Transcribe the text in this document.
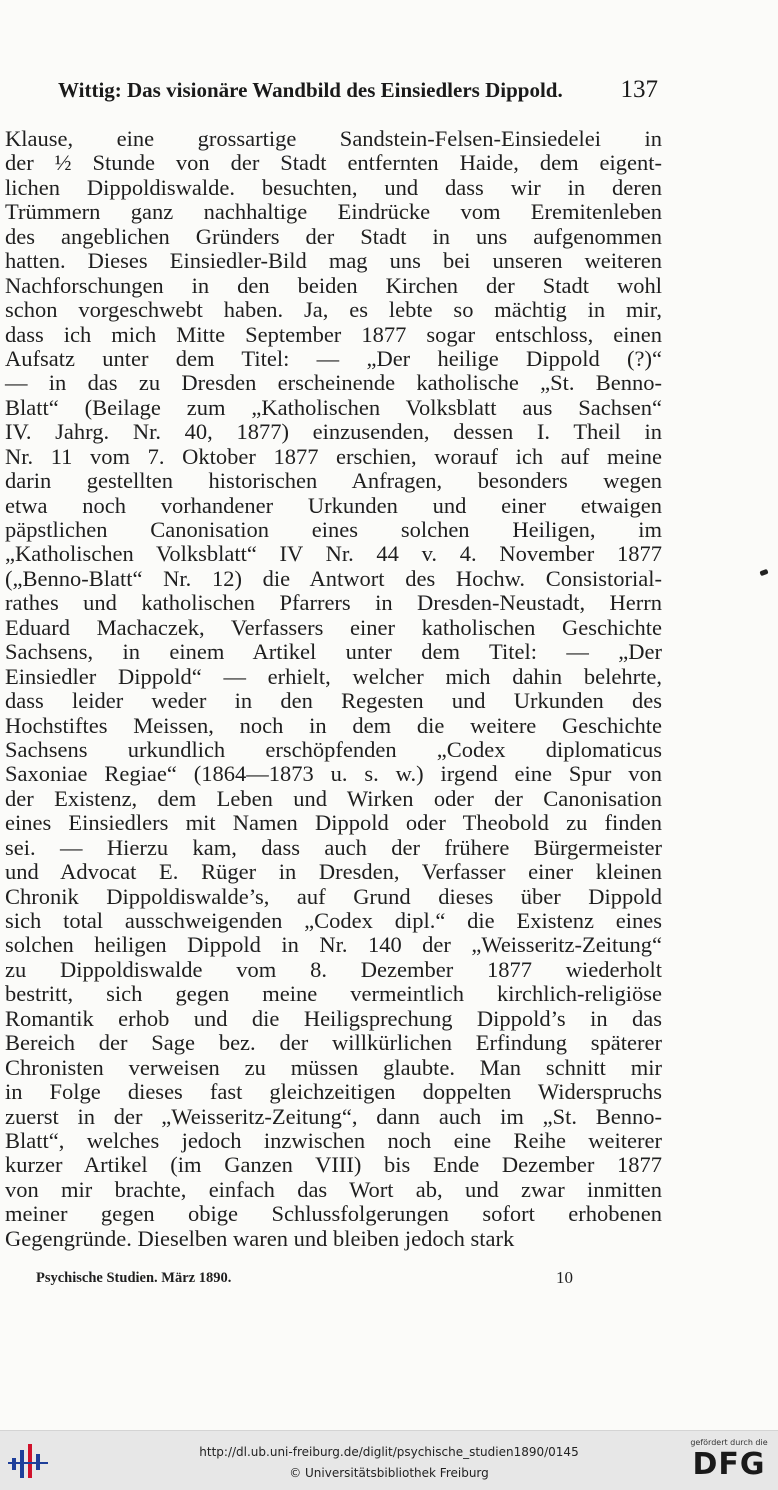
Wittig: Das visionäre Wandbild des Einsiedlers Dippold. 137
Klause, eine grossartige Sandstein-Felsen-Einsiedelei in
der ½ Stunde von der Stadt entfernten Haide, dem eigent-
lichen Dippoldiswalde. besuchten, und dass wir in deren
Trümmern ganz nachhaltige Eindrücke vom Eremitenleben
des angeblichen Gründers der Stadt in uns aufgenommen
hatten. Dieses Einsiedler-Bild mag uns bei unseren weiteren
Nachforschungen in den beiden Kirchen der Stadt wohl
schon vorgeschwebt haben. Ja, es lebte so mächtig in mir,
dass ich mich Mitte September 1877 sogar entschloss, einen
Aufsatz unter dem Titel: — „Der heilige Dippold (?)“
— in das zu Dresden erscheinende katholische „St. Benno-
Blatt“ (Beilage zum „Katholischen Volksblatt aus Sachsen“
IV. Jahrg. Nr. 40, 1877) einzusenden, dessen I. Theil in
Nr. 11 vom 7. Oktober 1877 erschien, worauf ich auf meine
darin gestellten historischen Anfragen, besonders wegen
etwa noch vorhandener Urkunden und einer etwaigen
päpstlichen Canonisation eines solchen Heiligen, im
„Katholischen Volksblatt“ IV Nr. 44 v. 4. November 1877
(„Benno-Blatt“ Nr. 12) die Antwort des Hochw. Consistorial-
rathes und katholischen Pfarrers in Dresden-Neustadt, Herrn
Eduard Machaczek, Verfassers einer katholischen Geschichte
Sachsens, in einem Artikel unter dem Titel: — „Der
Einsiedler Dippold“ — erhielt, welcher mich dahin belehrte,
dass leider weder in den Regesten und Urkunden des
Hochstiftes Meissen, noch in dem die weitere Geschichte
Sachsens urkundlich erschöpfenden „Codex diplomaticus
Saxoniae Regiae“ (1864—1873 u. s. w.) irgend eine Spur von
der Existenz, dem Leben und Wirken oder der Canonisation
eines Einsiedlers mit Namen Dippold oder Theobold zu finden
sei. — Hierzu kam, dass auch der frühere Bürgermeister
und Advocat E. Rüger in Dresden, Verfasser einer kleinen
Chronik Dippoldiswalde’s, auf Grund dieses über Dippold
sich total ausschweigenden „Codex dipl.“ die Existenz eines
solchen heiligen Dippold in Nr. 140 der „Weisseritz-Zeitung“
zu Dippoldiswalde vom 8. Dezember 1877 wiederholt
bestritt, sich gegen meine vermeintlich kirchlich-religiöse
Romantik erhob und die Heiligsprechung Dippold’s in das
Bereich der Sage bez. der willkürlichen Erfindung späterer
Chronisten verweisen zu müssen glaubte. Man schnitt mir
in Folge dieses fast gleichzeitigen doppelten Widerspruchs
zuerst in der „Weisseritz-Zeitung“, dann auch im „St. Benno-
Blatt“, welches jedoch inzwischen noch eine Reihe weiterer
kurzer Artikel (im Ganzen VIII) bis Ende Dezember 1877
von mir brachte, einfach das Wort ab, und zwar inmitten
meiner gegen obige Schlussfolgerungen sofort erhobenen
Gegengründe. Dieselben waren und bleiben jedoch stark
Psychische Studien. März 1890.	10
http://dl.ub.uni-freiburg.de/diglit/psychische_studien1890/0145
© Universitätsbibliothek Freiburg
gefördert durch die
DFG
